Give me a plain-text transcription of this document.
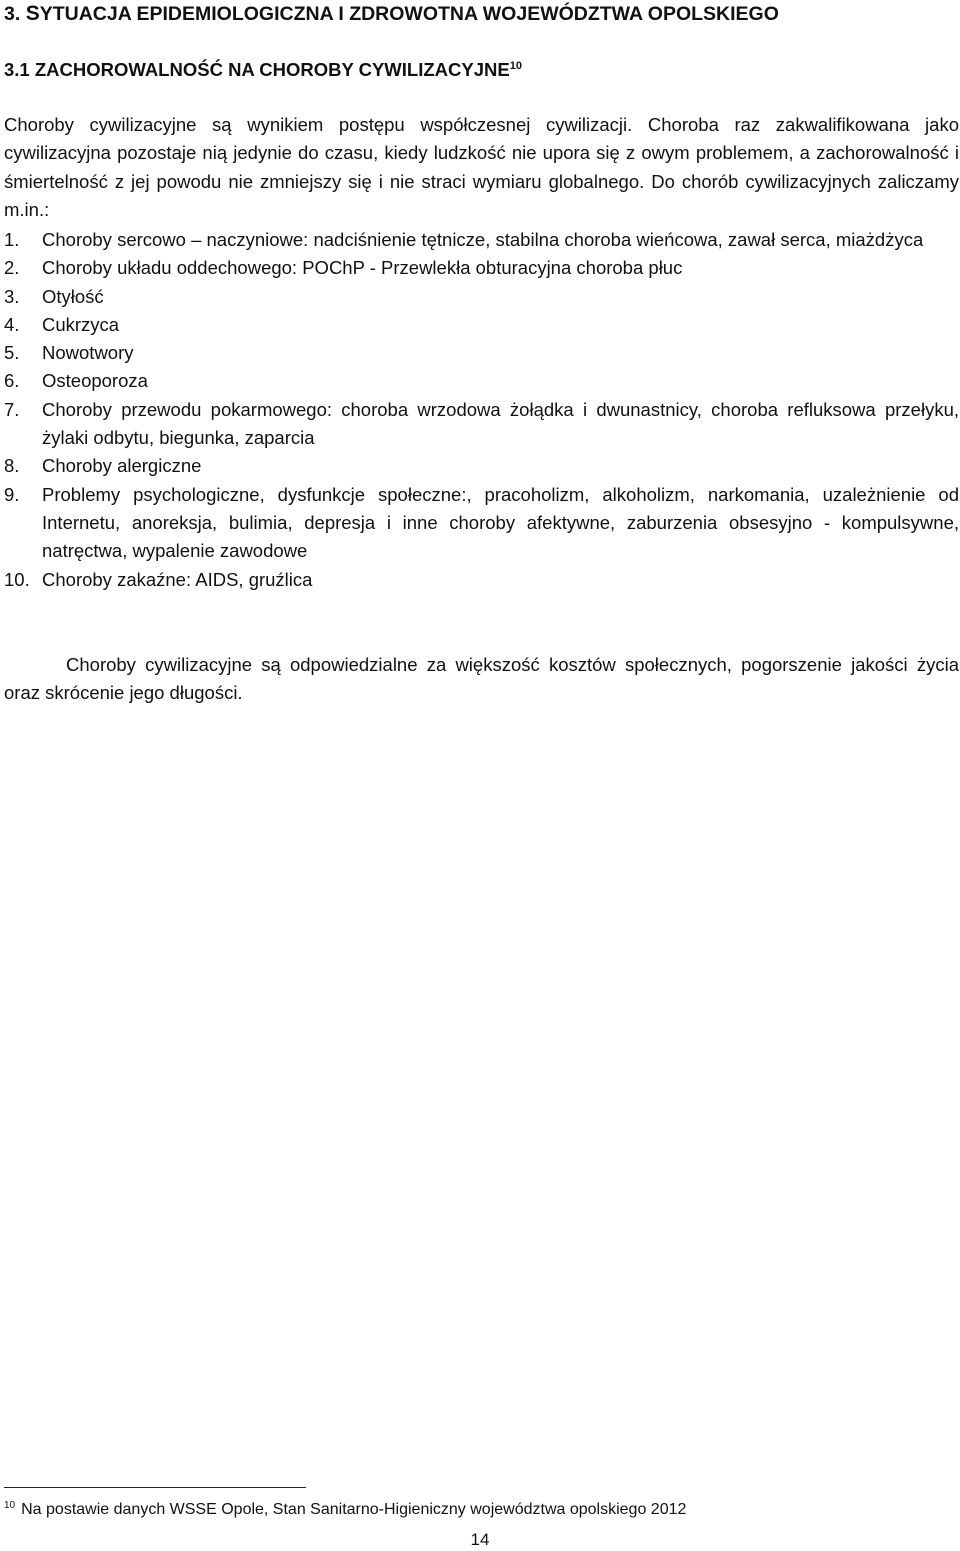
3. SYTUACJA EPIDEMIOLOGICZNA I ZDROWOTNA WOJEWÓDZTWA OPOLSKIEGO
3.1 ZACHOROWALNOŚĆ NA CHOROBY CYWILIZACYJNE$^{10}$

Choroby cywilizacyjne są wynikiem postępu współczesnej cywilizacji. Choroba raz zakwalifikowana jako cywilizacyjna pozostaje nią jedynie do czasu, kiedy ludzkość nie upora się z owym problemem, a zachorowalność i śmiertelność z jej powodu nie zmniejszy się i nie straci wymiaru globalnego. Do chorób cywilizacyjnych zaliczamy m.in.:

1. Choroby sercowo – naczyniowe: nadciśnienie tętnicze, stabilna choroba wieńcowa, zawał serca, miażdżyca
2. Choroby układu oddechowego: POChP - Przewlekła obturacyjna choroba płuc
3. Otyłość
4. Cukrzyca
5. Nowotwory
6. Osteoporoza
7. Choroby przewodu pokarmowego: choroba wrzodowa żołądka i dwunastnicy, choroba refluksowa przełyku, żylaki odbytu, biegunka, zaparcia
8. Choroby alergiczne
9. Problemy psychologiczne, dysfunkcje społeczne:, pracoholizm, alkoholizm, narkomania, uzależnienie od Internetu, anoreksja, bulimia, depresja i inne choroby afektywne, zaburzenia obsesyjno - kompulsywne, natręctwa, wypalenie zawodowe
10. Choroby zakaźne: AIDS, gruźlica

Choroby cywilizacyjne są odpowiedzialne za większość kosztów społecznych, pogorszenie jakości życia oraz skrócenie jego długości.

$^{10}$ Na postawie danych WSSE Opole, Stan Sanitarno-Higieniczny województwa opolskiego 2012

14
